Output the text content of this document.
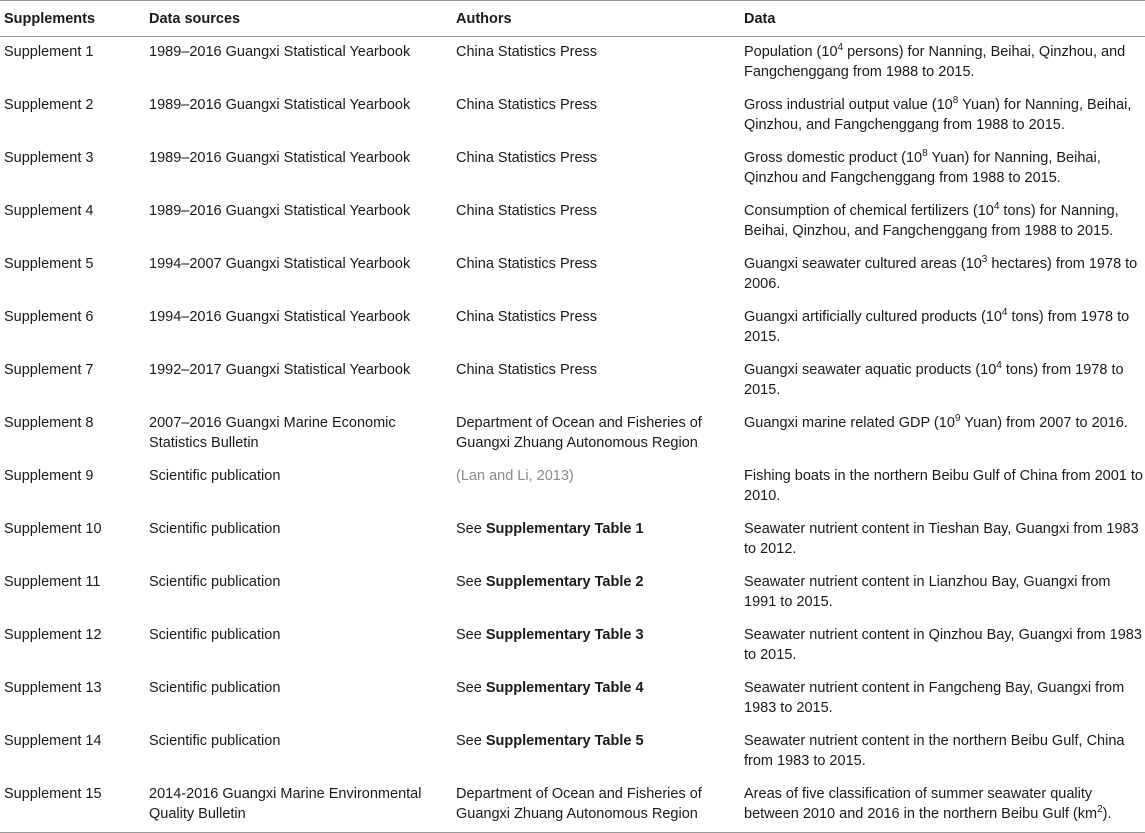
Supplements	Data sources	Authors	Data
Supplement 1	1989–2016 Guangxi Statistical Yearbook	China Statistics Press	Population ($10^4$ persons) for Nanning, Beihai, Qinzhou, and Fangchenggang from 1988 to 2015.
Supplement 2	1989–2016 Guangxi Statistical Yearbook	China Statistics Press	Gross industrial output value ($10^8$ Yuan) for Nanning, Beihai, Qinzhou, and Fangchenggang from 1988 to 2015.
Supplement 3	1989–2016 Guangxi Statistical Yearbook	China Statistics Press	Gross domestic product ($10^8$ Yuan) for Nanning, Beihai, Qinzhou and Fangchenggang from 1988 to 2015.
Supplement 4	1989–2016 Guangxi Statistical Yearbook	China Statistics Press	Consumption of chemical fertilizers ($10^4$ tons) for Nanning, Beihai, Qinzhou, and Fangchenggang from 1988 to 2015.
Supplement 5	1994–2007 Guangxi Statistical Yearbook	China Statistics Press	Guangxi seawater cultured areas ($10^3$ hectares) from 1978 to 2006.
Supplement 6	1994–2016 Guangxi Statistical Yearbook	China Statistics Press	Guangxi artificially cultured products ($10^4$ tons) from 1978 to 2015.
Supplement 7	1992–2017 Guangxi Statistical Yearbook	China Statistics Press	Guangxi seawater aquatic products ($10^4$ tons) from 1978 to 2015.
Supplement 8	2007–2016 Guangxi Marine Economic Statistics Bulletin	Department of Ocean and Fisheries of Guangxi Zhuang Autonomous Region	Guangxi marine related GDP ($10^9$ Yuan) from 2007 to 2016.
Supplement 9	Scientific publication	(Lan and Li, 2013)	Fishing boats in the northern Beibu Gulf of China from 2001 to 2010.
Supplement 10	Scientific publication	See Supplementary Table 1	Seawater nutrient content in Tieshan Bay, Guangxi from 1983 to 2012.
Supplement 11	Scientific publication	See Supplementary Table 2	Seawater nutrient content in Lianzhou Bay, Guangxi from 1991 to 2015.
Supplement 12	Scientific publication	See Supplementary Table 3	Seawater nutrient content in Qinzhou Bay, Guangxi from 1983 to 2015.
Supplement 13	Scientific publication	See Supplementary Table 4	Seawater nutrient content in Fangcheng Bay, Guangxi from 1983 to 2015.
Supplement 14	Scientific publication	See Supplementary Table 5	Seawater nutrient content in the northern Beibu Gulf, China from 1983 to 2015.
Supplement 15	2014-2016 Guangxi Marine Environmental Quality Bulletin	Department of Ocean and Fisheries of Guangxi Zhuang Autonomous Region	Areas of five classification of summer seawater quality between 2010 and 2016 in the northern Beibu Gulf $(km^2)$.
